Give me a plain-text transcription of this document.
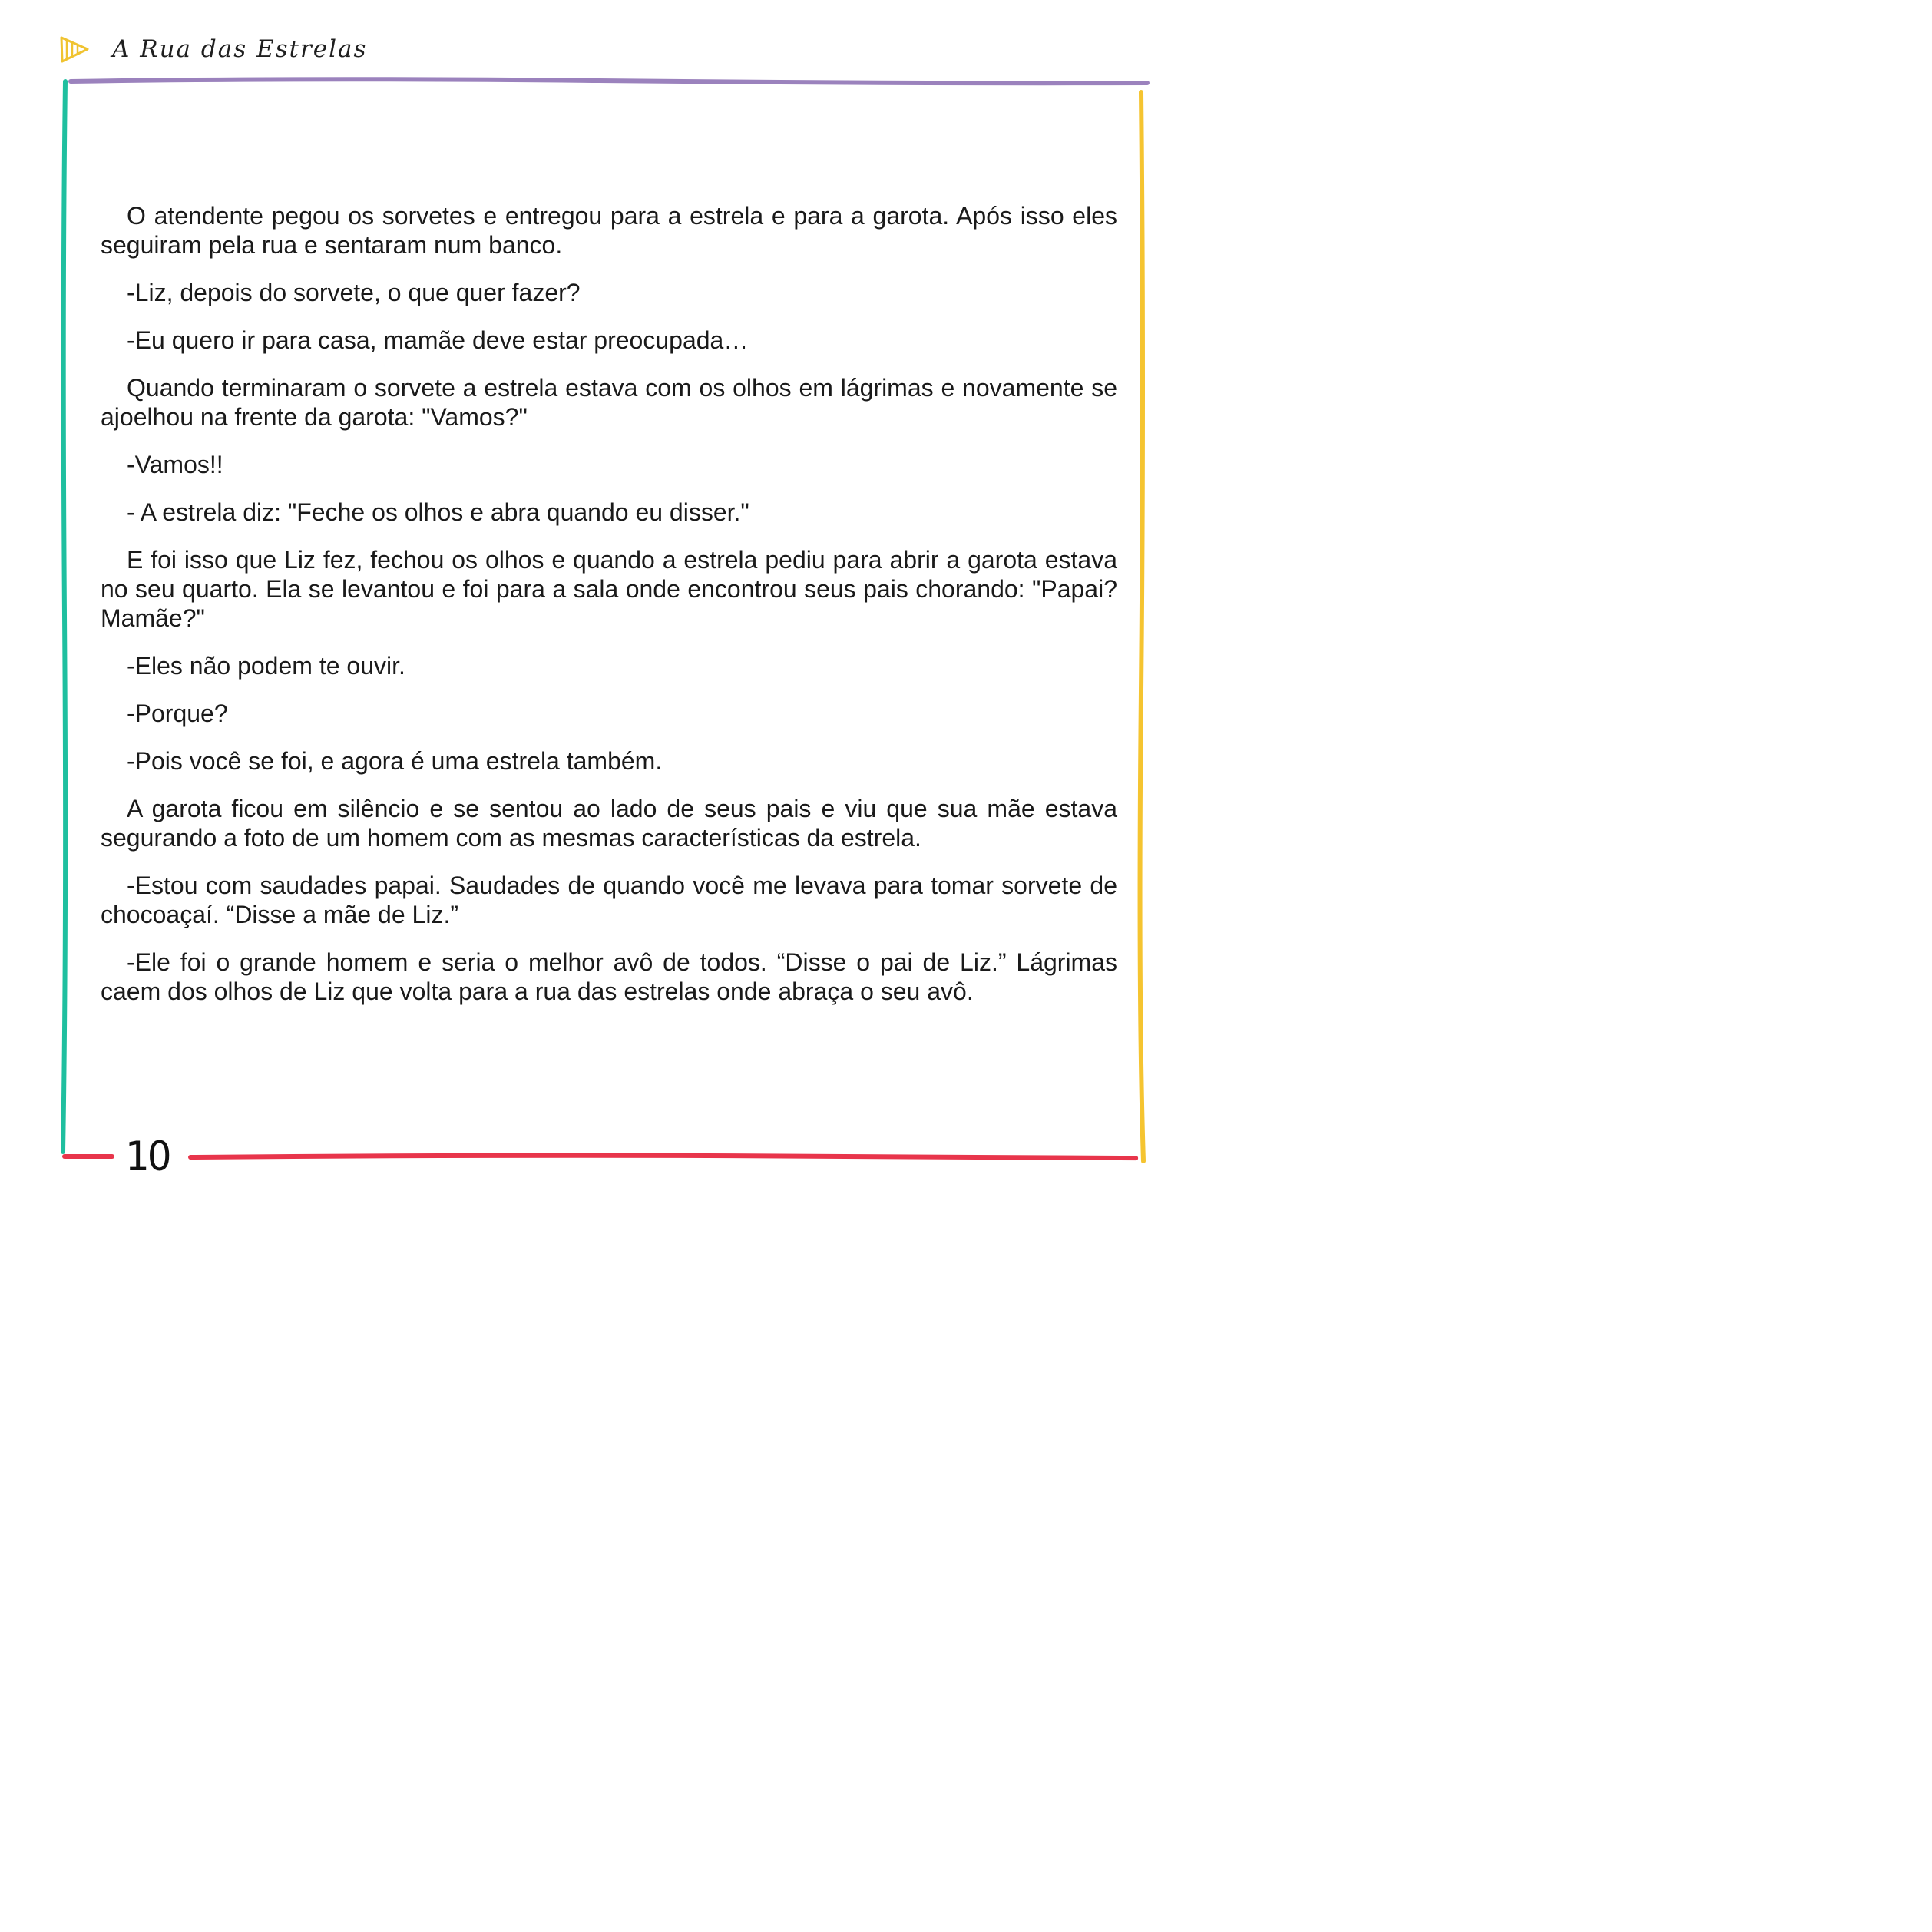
A Rua das Estrelas

O atendente pegou os sorvetes e entregou para a estrela e para a garota. Após isso eles seguiram pela rua e sentaram num banco.

-Liz, depois do sorvete, o que quer fazer?

-Eu quero ir para casa, mamãe deve estar preocupada…

Quando terminaram o sorvete a estrela estava com os olhos em lágrimas e novamente se ajoelhou na frente da garota: "Vamos?"

-Vamos!!

- A estrela diz: "Feche os olhos e abra quando eu disser."

E foi isso que Liz fez, fechou os olhos e quando a estrela pediu para abrir a garota estava no seu quarto. Ela se levantou e foi para a sala onde encontrou seus pais chorando: "Papai? Mamãe?"

-Eles não podem te ouvir.

-Porque?

-Pois você se foi, e agora é uma estrela também.

A garota ficou em silêncio e se sentou ao lado de seus pais e viu que sua mãe estava segurando a foto de um homem com as mesmas características da estrela.

-Estou com saudades papai. Saudades de quando você me levava para tomar sorvete de chocoaçaí. “Disse a mãe de Liz.”

-Ele foi o grande homem e seria o melhor avô de todos. “Disse o pai de Liz.” Lágrimas caem dos olhos de Liz que volta para a rua das estrelas onde abraça o seu avô.

10
